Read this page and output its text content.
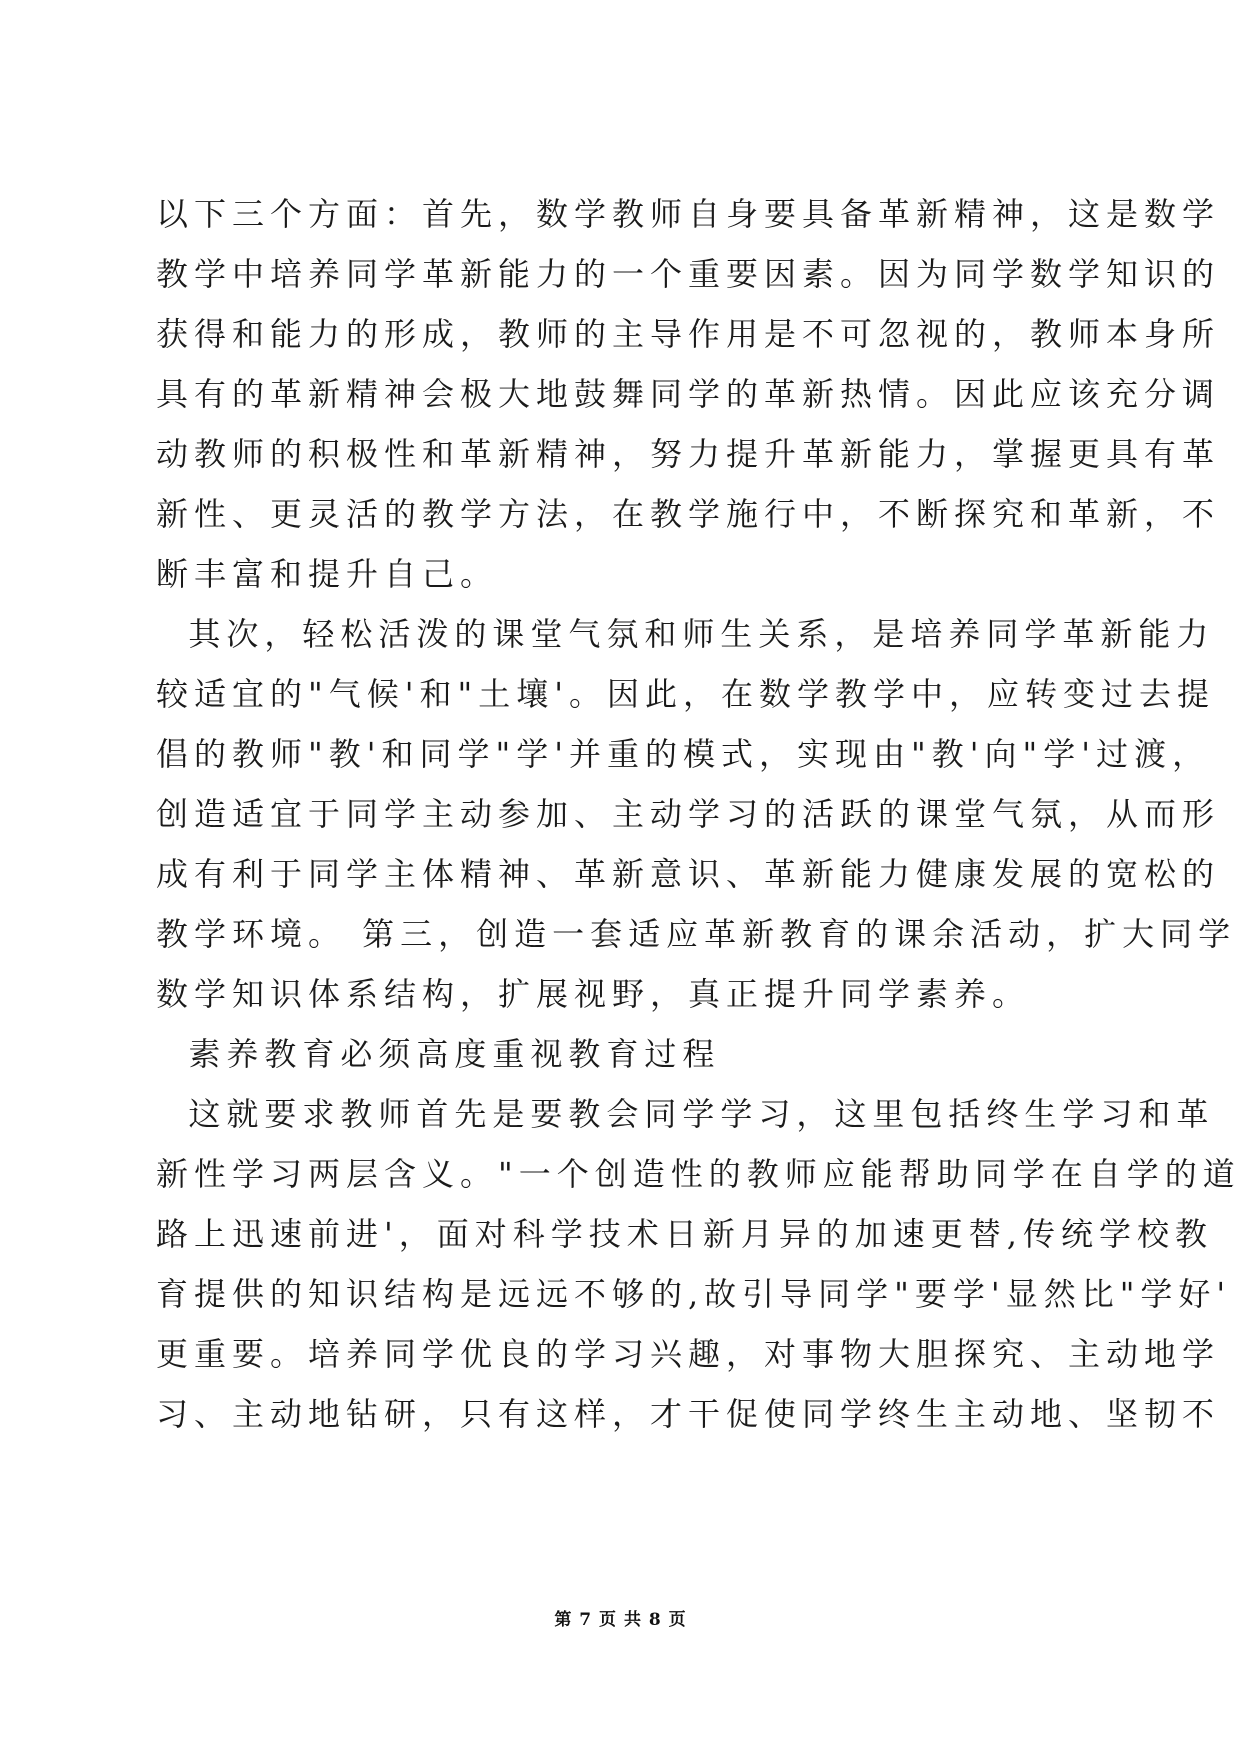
以下三个方面：首先，数学教师自身要具备革新精神，这是数学
教学中培养同学革新能力的一个重要因素。因为同学数学知识的
获得和能力的形成，教师的主导作用是不可忽视的，教师本身所
具有的革新精神会极大地鼓舞同学的革新热情。因此应该充分调
动教师的积极性和革新精神，努力提升革新能力，掌握更具有革
新性、更灵活的教学方法，在教学施行中，不断探究和革新，不
断丰富和提升自己。
其次，轻松活泼的课堂气氛和师生关系，是培养同学革新能力
较适宜的"气候'和"土壤'。因此，在数学教学中，应转变过去提
倡的教师"教'和同学"学'并重的模式，实现由"教'向"学'过渡，
创造适宜于同学主动参加、主动学习的活跃的课堂气氛，从而形
成有利于同学主体精神、革新意识、革新能力健康发展的宽松的
教学环境。 第三，创造一套适应革新教育的课余活动，扩大同学
数学知识体系结构，扩展视野，真正提升同学素养。
素养教育必须高度重视教育过程
这就要求教师首先是要教会同学学习，这里包括终生学习和革
新性学习两层含义。"一个创造性的教师应能帮助同学在自学的道
路上迅速前进'，面对科学技术日新月异的加速更替,传统学校教
育提供的知识结构是远远不够的,故引导同学"要学'显然比"学好'
更重要。培养同学优良的学习兴趣，对事物大胆探究、主动地学
习、主动地钻研，只有这样，才干促使同学终生主动地、坚韧不
第 7 页 共 8 页
